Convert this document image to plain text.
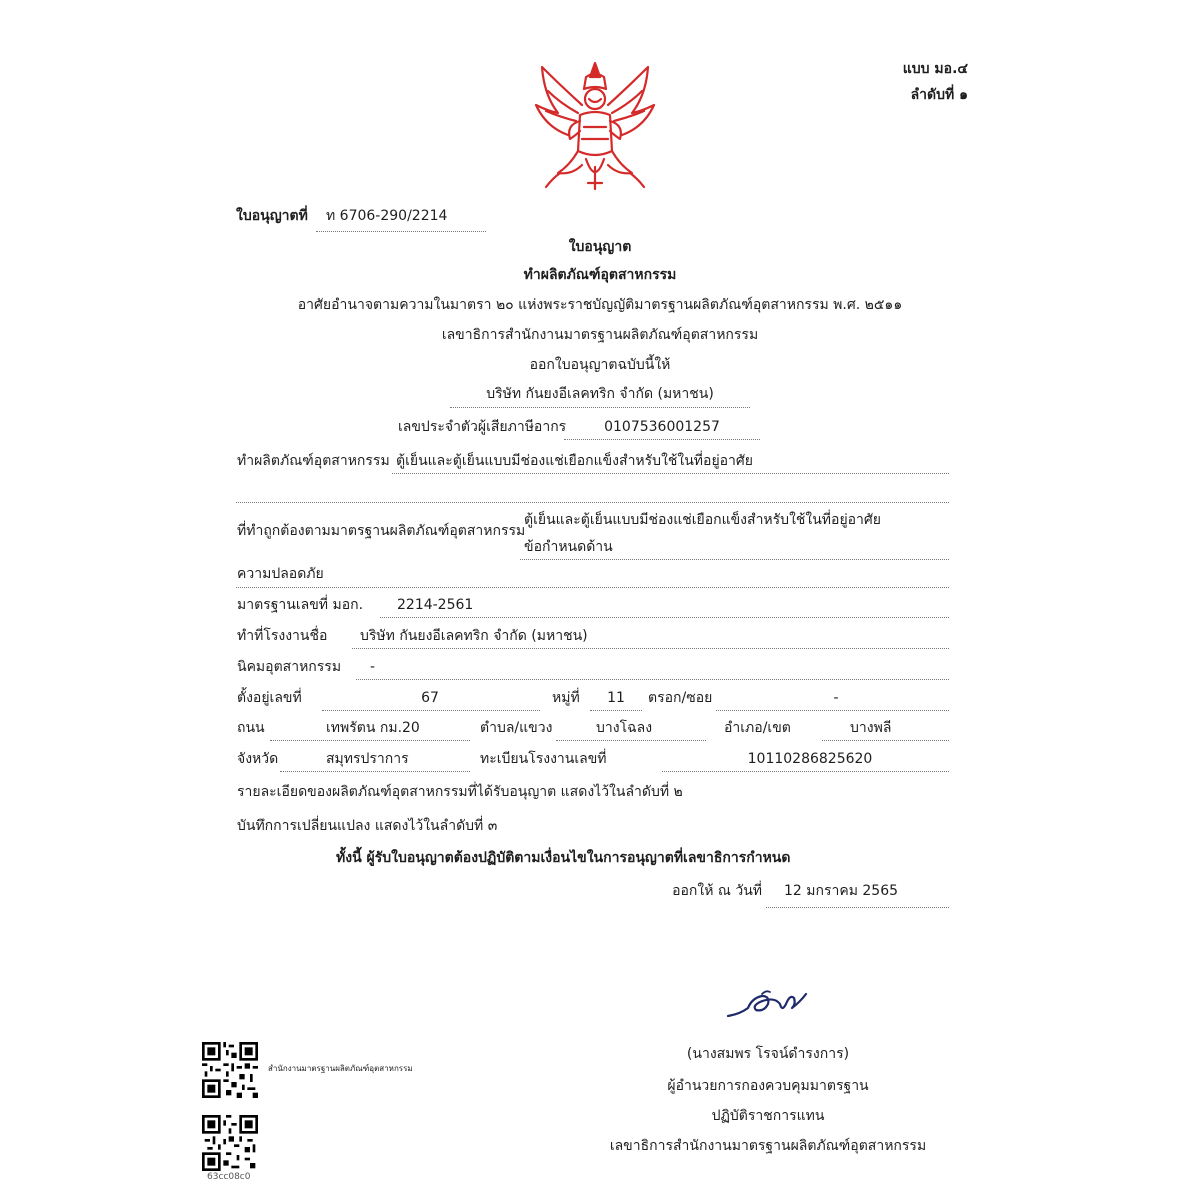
แบบ มอ.๔
ลำดับที่ ๑
ใบอนุญาตที่ ท 6706-290/2214
ใบอนุญาต
ทำผลิตภัณฑ์อุตสาหกรรม
อาศัยอำนาจตามความในมาตรา ๒๐ แห่งพระราชบัญญัติมาตรฐานผลิตภัณฑ์อุตสาหกรรม พ.ศ. ๒๕๑๑
เลขาธิการสำนักงานมาตรฐานผลิตภัณฑ์อุตสาหกรรม
ออกใบอนุญาตฉบับนี้ให้
บริษัท กันยงอีเลคทริก จำกัด (มหาชน)
เลขประจำตัวผู้เสียภาษีอากร	0107536001257
ทำผลิตภัณฑ์อุตสาหกรรม ตู้เย็นและตู้เย็นแบบมีช่องแช่เยือกแข็งสำหรับใช้ในที่อยู่อาศัย
ที่ทำถูกต้องตามมาตรฐานผลิตภัณฑ์อุตสาหกรรม
ตู้เย็นและตู้เย็นแบบมีช่องแช่เยือกแข็งสำหรับใช้ในที่อยู่อาศัย
ข้อกำหนดด้าน
ความปลอดภัย
มาตรฐานเลขที่ มอก. 2214-2561
ทำที่โรงงานชื่อ บริษัท กันยงอีเลคทริก จำกัด (มหาชน)
นิคมอุตสาหกรรม -
ตั้งอยู่เลขที่	67	หมู่ที่	11	ตรอก/ซอย	-
ถนน	เทพรัตน กม.20	ตำบล/แขวง	บางโฉลง	อำเภอ/เขต	บางพลี
จังหวัด	สมุทรปราการ	ทะเบียนโรงงานเลขที่	10110286825620
รายละเอียดของผลิตภัณฑ์อุตสาหกรรมที่ได้รับอนุญาต แสดงไว้ในลำดับที่ ๒
บันทึกการเปลี่ยนแปลง แสดงไว้ในลำดับที่ ๓
ทั้งนี้ ผู้รับใบอนุญาตต้องปฏิบัติตามเงื่อนไขในการอนุญาตที่เลขาธิการกำหนด
ออกให้ ณ วันที่ 12 มกราคม 2565
(นางสมพร โรจน์ดำรงการ)
ผู้อำนวยการกองควบคุมมาตรฐาน
ปฏิบัติราชการแทน
เลขาธิการสำนักงานมาตรฐานผลิตภัณฑ์อุตสาหกรรม
สำนักงานมาตรฐานผลิตภัณฑ์อุตสาหกรรม
63cc08c0
